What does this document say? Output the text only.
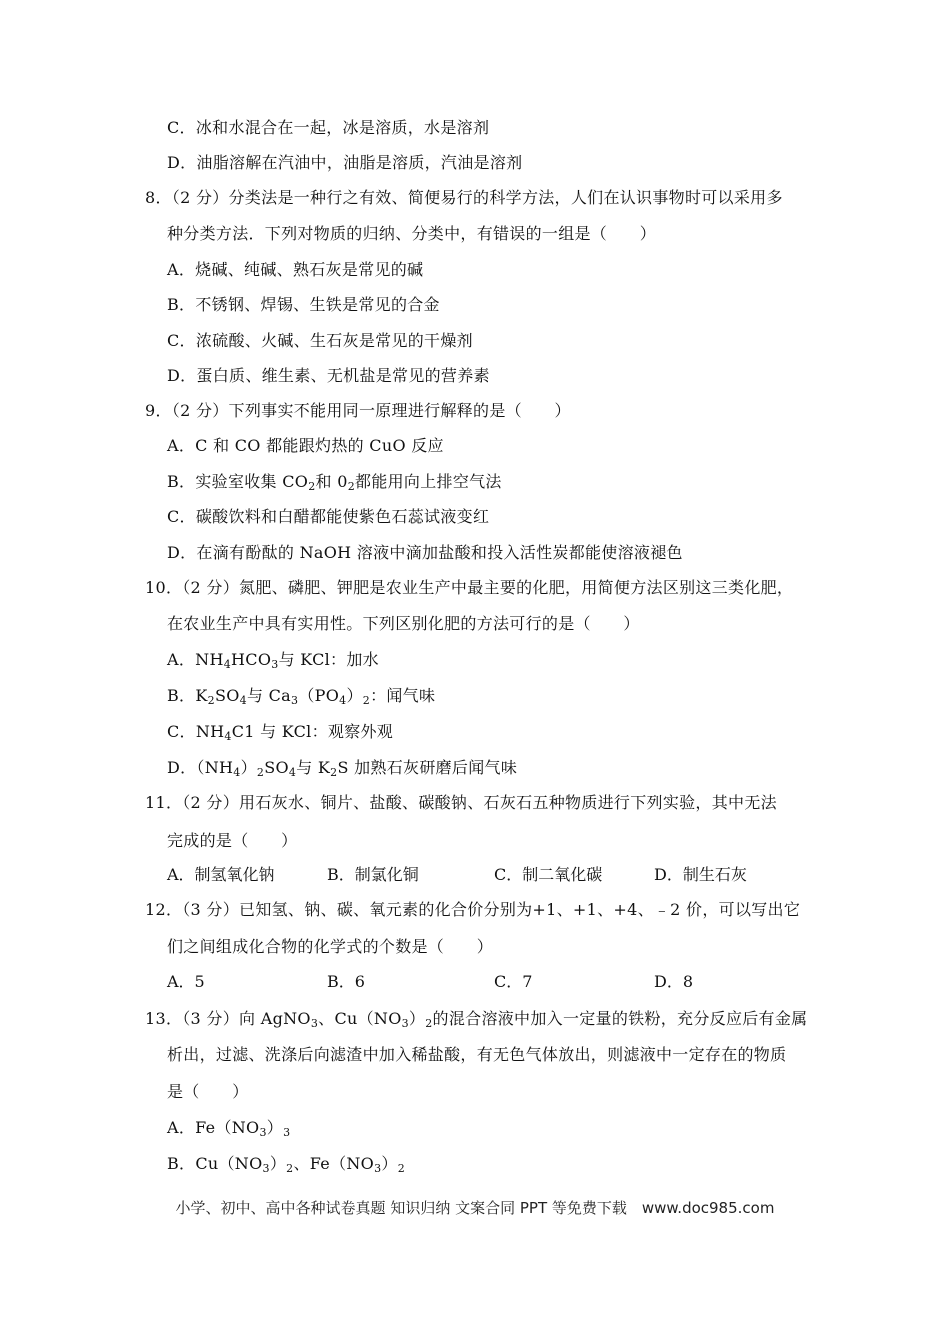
C．冰和水混合在一起，冰是溶质，水是溶剂
D．油脂溶解在汽油中，油脂是溶质，汽油是溶剂
8．（2 分）分类法是一种行之有效、简便易行的科学方法，人们在认识事物时可以采用多
种分类方法．下列对物质的归纳、分类中，有错误的一组是（　　）
A．烧碱、纯碱、熟石灰是常见的碱
B．不锈钢、焊锡、生铁是常见的合金
C．浓硫酸、火碱、生石灰是常见的干燥剂
D．蛋白质、维生素、无机盐是常见的营养素
9．（2 分）下列事实不能用同一原理进行解释的是（　　）
A．C 和 CO 都能跟灼热的 CuO 反应
B．实验室收集 $CO_2$和 $0_2$都能用向上排空气法
C．碳酸饮料和白醋都能使紫色石蕊试液变红
D．在滴有酚酞的 NaOH 溶液中滴加盐酸和投入活性炭都能使溶液褪色
10．（2 分）氮肥、磷肥、钾肥是农业生产中最主要的化肥，用简便方法区别这三类化肥，
在农业生产中具有实用性。下列区别化肥的方法可行的是（　　）
A．$NH_4HCO_3$与 KCl：加水
B．$K_2SO_4$与 $Ca_3(PO_4)_2$：闻气味
C．$NH_4C1$ 与 KCl：观察外观
D．$(NH_4)_2SO_4$与 $K_2S$ 加熟石灰研磨后闻气味
11．（2 分）用石灰水、铜片、盐酸、碳酸钠、石灰石五种物质进行下列实验，其中无法
完成的是（　　）
A．制氢氧化钠	B．制氯化铜	C．制二氧化碳	D．制生石灰
12．（3 分）已知氢、钠、碳、氧元素的化合价分别为+1、+1、+4、﹣2 价，可以写出它
们之间组成化合物的化学式的个数是（　　）
A．5	B．6	C．7	D．8
13．（3 分）向 AgNO$_3$、$Cu(NO_3)_2$的混合溶液中加入一定量的铁粉，充分反应后有金属
析出，过滤、洗涤后向滤渣中加入稀盐酸，有无色气体放出，则滤液中一定存在的物质
是（　　）
A．$Fe(NO_3)_3$
B．$Cu(NO_3)_2$、$Fe(NO_3)_2$
小学、初中、高中各种试卷真题 知识归纳 文案合同 PPT 等免费下载　www.doc985.com
